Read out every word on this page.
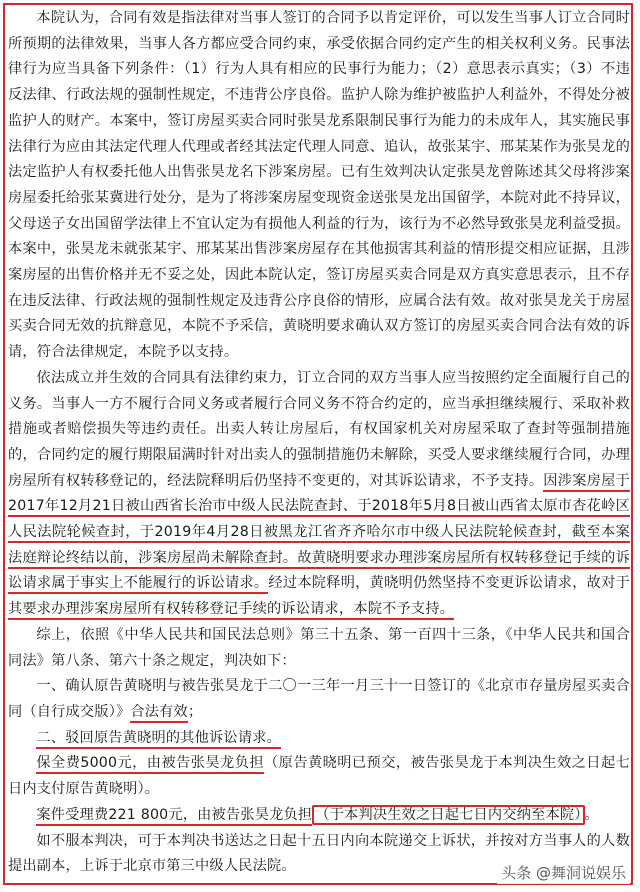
本院认为，合同有效是指法律对当事人签订的合同予以肯定评价，可以发生当事人订立合同时所预期的法律效果，当事人各方都应受合同约束，承受依据合同约定产生的相关权利义务。民事法律行为应当具备下列条件：（1）行为人具有相应的民事行为能力；（2）意思表示真实；（3）不违反法律、行政法规的强制性规定，不违背公序良俗。监护人除为维护被监护人利益外，不得处分被监护人的财产。本案中，签订房屋买卖合同时张昊龙系限制民事行为能力的未成年人，其实施民事法律行为应由其法定代理人代理或者经其法定代理人同意、追认，故张某宇、邢某某作为张昊龙的法定监护人有权委托他人出售张昊龙名下涉案房屋。已有生效判决认定张昊龙曾陈述其父母将涉案房屋委托给张某冀进行处分，是为了将涉案房屋变现资金送张昊龙出国留学，本院对此不持异议，父母送子女出国留学法律上不宜认定为有损他人利益的行为，该行为不必然导致张昊龙利益受损。本案中，张昊龙未就张某宇、邢某某出售涉案房屋存在其他损害其利益的情形提交相应证据，且涉案房屋的出售价格并无不妥之处，因此本院认定，签订房屋买卖合同是双方真实意思表示，且不存在违反法律、行政法规的强制性规定及违背公序良俗的情形，应属合法有效。故对张昊龙关于房屋买卖合同无效的抗辩意见，本院不予采信，黄晓明要求确认双方签订的房屋买卖合同合法有效的诉请，符合法律规定，本院予以支持。

依法成立并生效的合同具有法律约束力，订立合同的双方当事人应当按照约定全面履行自己的义务。当事人一方不履行合同义务或者履行合同义务不符合约定的，应当承担继续履行、采取补救措施或者赔偿损失等违约责任。出卖人转让房屋后，有权国家机关对房屋采取了查封等强制措施的，合同约定的履行期限届满时针对出卖人的强制措施仍未解除，买受人要求继续履行合同，办理房屋所有权转移登记的，经法院释明后仍坚持不变更的，对其诉讼请求，不予支持。因涉案房屋于2017年12月21日被山西省长治市中级人民法院查封、于2018年5月8日被山西省太原市杏花岭区人民法院轮候查封，于2019年4月28日被黑龙江省齐齐哈尔市中级人民法院轮候查封，截至本案法庭辩论终结以前，涉案房屋尚未解除查封。故黄晓明要求办理涉案房屋所有权转移登记手续的诉讼请求属于事实上不能履行的诉讼请求。经过本院释明，黄晓明仍然坚持不变更诉讼请求，故对于其要求办理涉案房屋所有权转移登记手续的诉讼请求，本院不予支持。

综上，依照《中华人民共和国民法总则》第三十五条、第一百四十三条，《中华人民共和国合同法》第八条、第六十条之规定，判决如下：

一、确认原告黄晓明与被告张昊龙于二〇一三年一月三十一日签订的《北京市存量房屋买卖合同（自行成交版）》合法有效；

二、驳回原告黄晓明的其他诉讼请求。

保全费5000元，由被告张昊龙负担（原告黄晓明已预交，被告张昊龙于本判决生效之日起七日内支付原告黄晓明）。

案件受理费221 800元，由被告张昊龙负担 （于本判决生效之日起七日内交纳至本院） 。

如不服本判决，可于本判决书送达之日起十五日内向本院递交上诉状，并按对方当事人的人数提出副本，上诉于北京市第三中级人民法院。	头条 @舞洞说娱乐
